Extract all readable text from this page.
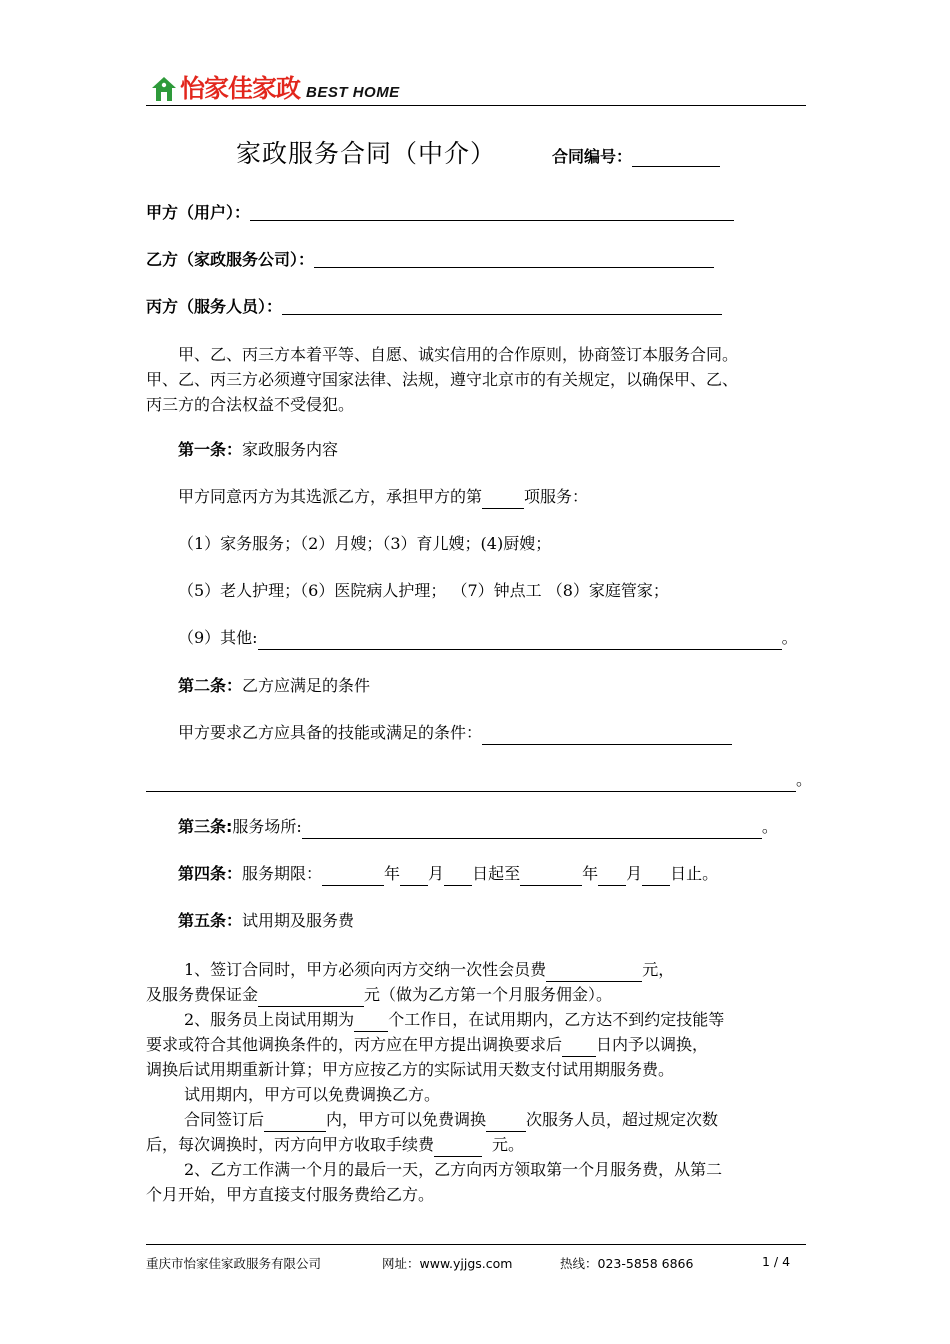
怡家佳家政 BEST HOME
家政服务合同（中介）	合同编号：
甲方（用户）：
乙方（家政服务公司）：
丙方（服务人员）：
甲、乙、丙三方本着平等、自愿、诚实信用的合作原则，协商签订本服务合同。
甲、乙、丙三方必须遵守国家法律、法规，遵守北京市的有关规定，以确保甲、乙、
丙三方的合法权益不受侵犯。
第一条：家政服务内容
甲方同意丙方为其选派乙方，承担甲方的第	项服务：
（1）家务服务；（2）月嫂；（3）育儿嫂；(4)厨嫂；
（5）老人护理；（6）医院病人护理； （7）钟点工 （8）家庭管家；
（9）其他:	。
第二条：乙方应满足的条件
甲方要求乙方应具备的技能或满足的条件：
。
第三条:服务场所:	。
第四条：服务期限：	年 月 日起至	年 月 日止。
第五条：试用期及服务费
1、签订合同时，甲方必须向丙方交纳一次性会员费	元，
及服务费保证金	元（做为乙方第一个月服务佣金）。
2、服务员上岗试用期为 个工作日，在试用期内，乙方达不到约定技能等
要求或符合其他调换条件的，丙方应在甲方提出调换要求后 日内予以调换，
调换后试用期重新计算；甲方应按乙方的实际试用天数支付试用期服务费。
试用期内，甲方可以免费调换乙方。
合同签订后	内，甲方可以免费调换	次服务人员，超过规定次数
后，每次调换时，丙方向甲方收取手续费	元。
2、乙方工作满一个月的最后一天，乙方向丙方领取第一个月服务费，从第二
个月开始，甲方直接支付服务费给乙方。
重庆市怡家佳家政服务有限公司	网址：www.yjjgs.com	热线：023-5858 6866	1 / 4
